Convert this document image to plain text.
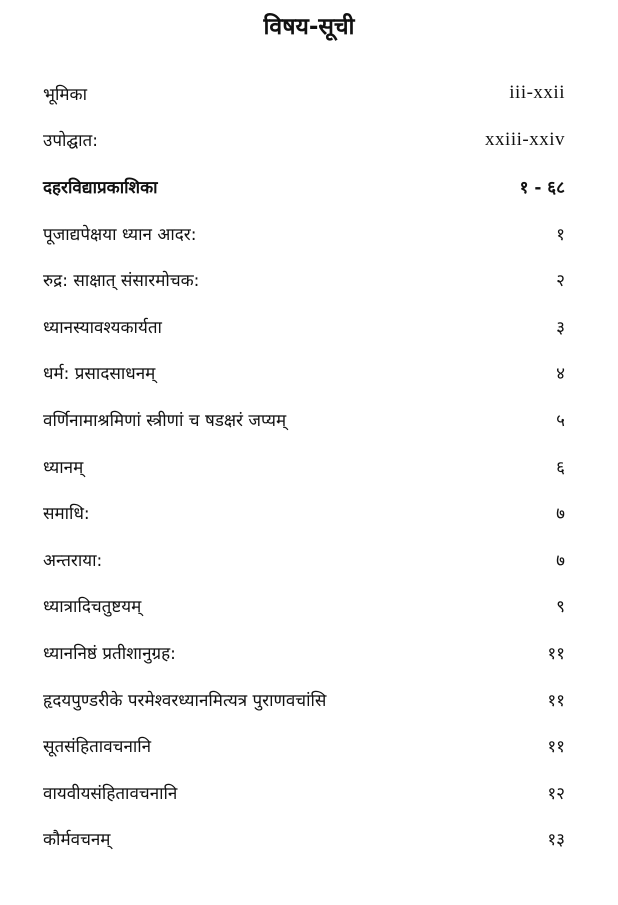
विषय-सूची
भूमिका	iii-xxii
उपोद्घात:	xxiii-xxiv
दहरविद्याप्रकाशिका	१ - ६८
पूजाद्यपेक्षया ध्यान आदर:	१
रुद्र: साक्षात् संसारमोचक:	२
ध्यानस्यावश्यकार्यता	३
धर्म: प्रसादसाधनम्	४
वर्णिनामाश्रमिणां स्त्रीणां च षडक्षरं जप्यम्	५
ध्यानम्	६
समाधि:	७
अन्तराया:	७
ध्यात्रादिचतुष्टयम्	९
ध्याननिष्ठं प्रतीशानुग्रह:	११
हृदयपुण्डरीके परमेश्वरध्यानमित्यत्र पुराणवचांसि	११
सूतसंहितावचनानि	११
वायवीयसंहितावचनानि	१२
कौर्मवचनम्	१३
